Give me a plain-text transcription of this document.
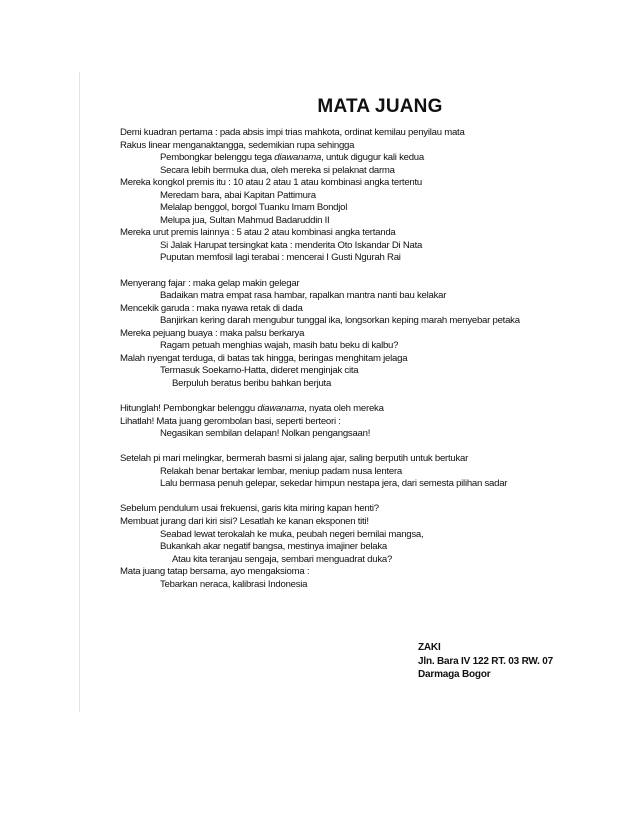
MATA JUANG
Demi kuadran pertama : pada absis impi trias mahkota, ordinat kemilau penyilau mata
Rakus linear menganaktangga, sedemikian rupa sehingga
Pembongkar belenggu tega diawanama, untuk digugur kali kedua
Secara lebih bermuka dua, oleh mereka si pelaknat darma
Mereka kongkol premis itu : 10 atau 2 atau 1 atau kombinasi angka tertentu
Meredam bara, abai Kapitan Pattimura
Melalap benggol, borgol Tuanku Imam Bondjol
Melupa jua, Sultan Mahmud Badaruddin II
Mereka urut premis lainnya : 5 atau 2 atau kombinasi angka tertanda
Si Jalak Harupat tersingkat kata : menderita Oto Iskandar Di Nata
Puputan memfosil lagi terabai : mencerai I Gusti Ngurah Rai
Menyerang fajar : maka gelap makin gelegar
Badaikan matra empat rasa hambar, rapalkan mantra nanti bau kelakar
Mencekik garuda : maka nyawa retak di dada
Banjirkan kering darah mengubur tunggal ika, longsorkan keping marah menyebar petaka
Mereka pejuang buaya : maka palsu berkarya
Ragam petuah menghias wajah, masih batu beku di kalbu?
Malah nyengat terduga, di batas tak hingga, beringas menghitam jelaga
Termasuk Soekarno-Hatta, dideret menginjak cita
Berpuluh beratus beribu bahkan berjuta
Hitunglah! Pembongkar belenggu diawanama, nyata oleh mereka
Lihatlah! Mata juang gerombolan basi, seperti berteori :
Negasikan sembilan delapan! Nolkan pengangsaan!
Setelah pi mari melingkar, bermerah basmi si jalang ajar, saling berputih untuk bertukar
Relakah benar bertakar lembar, meniup padam nusa lentera
Lalu bermasa penuh gelepar, sekedar himpun nestapa jera, dari semesta pilihan sadar
Sebelum pendulum usai frekuensi, garis kita miring kapan henti?
Membuat jurang dari kiri sisi? Lesatlah ke kanan eksponen titi!
Seabad lewat terokalah ke muka, peubah negeri bernilai mangsa,
Bukankah akar negatif bangsa, mestinya imajiner belaka
Atau kita teranjau sengaja, sembari menguadrat duka?
Mata juang tatap bersama, ayo mengaksioma :
Tebarkan neraca, kalibrasi Indonesia
ZAKI
Jln. Bara IV 122 RT. 03 RW. 07
Darmaga Bogor
